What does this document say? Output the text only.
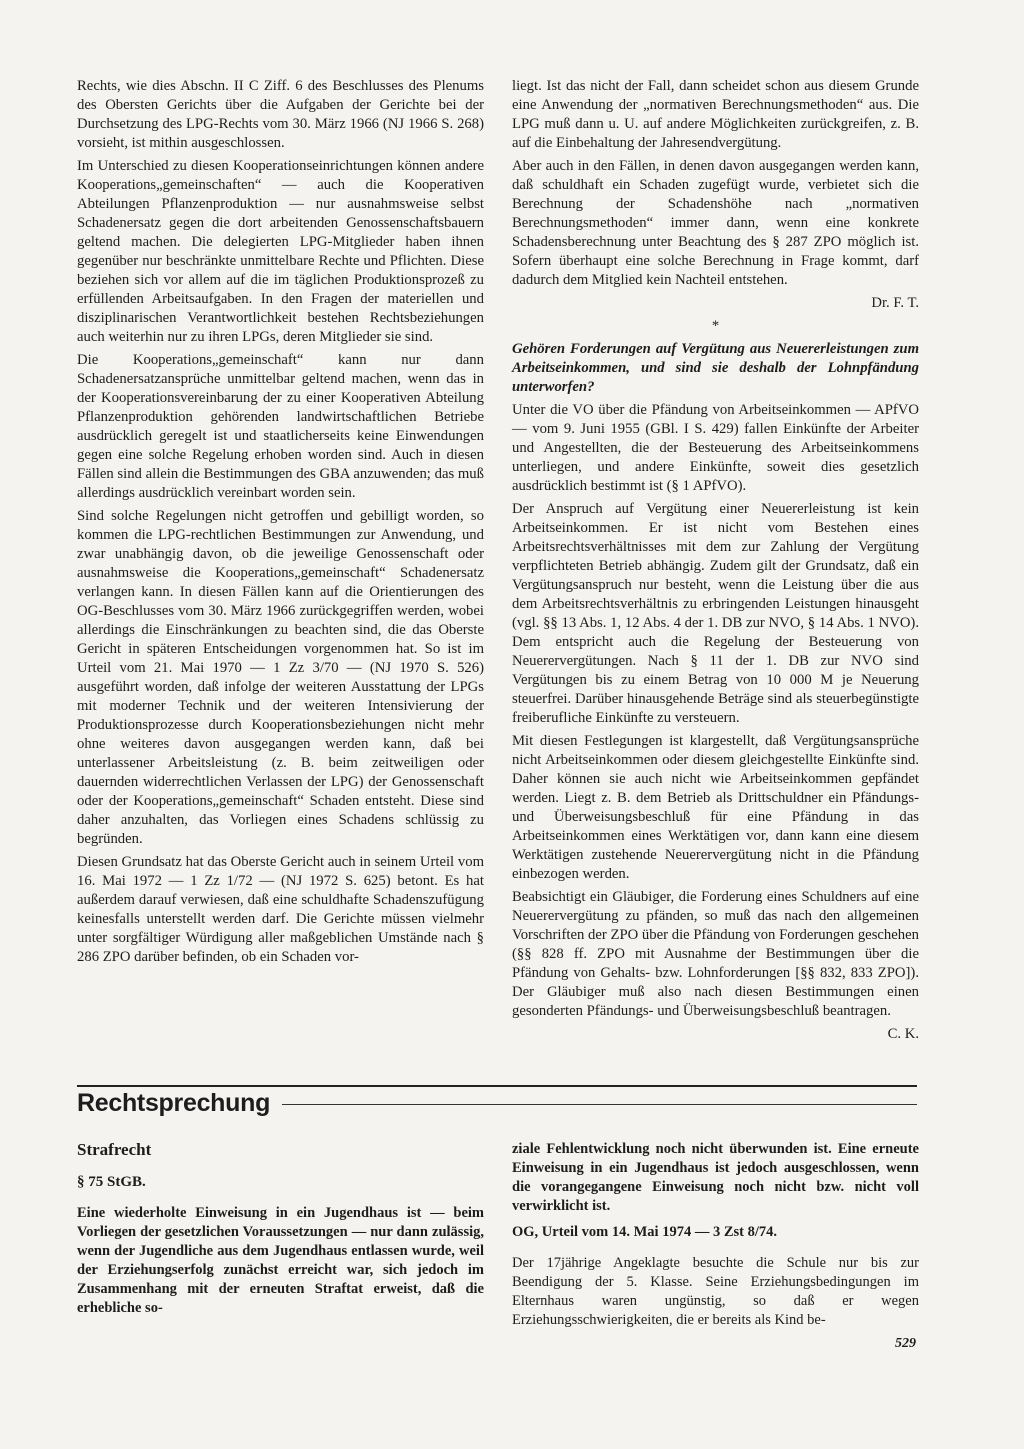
Rechts, wie dies Abschn. II C Ziff. 6 des Beschlusses des Plenums des Obersten Gerichts über die Aufgaben der Gerichte bei der Durchsetzung des LPG-Rechts vom 30. März 1966 (NJ 1966 S. 268) vorsieht, ist mithin ausgeschlossen.

Im Unterschied zu diesen Kooperationseinrichtungen können andere Kooperations„gemeinschaften“ — auch die Kooperativen Abteilungen Pflanzenproduktion — nur ausnahmsweise selbst Schadenersatz gegen die dort arbeitenden Genossenschaftsbauern geltend machen. Die delegierten LPG-Mitglieder haben ihnen gegenüber nur beschränkte unmittelbare Rechte und Pflichten. Diese beziehen sich vor allem auf die im täglichen Produktionsprozeß zu erfüllenden Arbeitsaufgaben. In den Fragen der materiellen und disziplinarischen Verantwortlichkeit bestehen Rechtsbeziehungen auch weiterhin nur zu ihren LPGs, deren Mitglieder sie sind.

Die Kooperations„gemeinschaft“ kann nur dann Schadenersatzansprüche unmittelbar geltend machen, wenn das in der Kooperationsvereinbarung der zu einer Kooperativen Abteilung Pflanzenproduktion gehörenden landwirtschaftlichen Betriebe ausdrücklich geregelt ist und staatlicherseits keine Einwendungen gegen eine solche Regelung erhoben worden sind. Auch in diesen Fällen sind allein die Bestimmungen des GBA anzuwenden; das muß allerdings ausdrücklich vereinbart worden sein.

Sind solche Regelungen nicht getroffen und gebilligt worden, so kommen die LPG-rechtlichen Bestimmungen zur Anwendung, und zwar unabhängig davon, ob die jeweilige Genossenschaft oder ausnahmsweise die Kooperations„gemeinschaft“ Schadenersatz verlangen kann. In diesen Fällen kann auf die Orientierungen des OG-Beschlusses vom 30. März 1966 zurückgegriffen werden, wobei allerdings die Einschränkungen zu beachten sind, die das Oberste Gericht in späteren Entscheidungen vorgenommen hat. So ist im Urteil vom 21. Mai 1970 — 1 Zz 3/70 — (NJ 1970 S. 526) ausgeführt worden, daß infolge der weiteren Ausstattung der LPGs mit moderner Technik und der weiteren Intensivierung der Produktionsprozesse durch Kooperationsbeziehungen nicht mehr ohne weiteres davon ausgegangen werden kann, daß bei unterlassener Arbeitsleistung (z. B. beim zeitweiligen oder dauernden widerrechtlichen Verlassen der LPG) der Genossenschaft oder der Kooperations„gemeinschaft“ Schaden entsteht. Diese sind daher anzuhalten, das Vorliegen eines Schadens schlüssig zu begründen.

Diesen Grundsatz hat das Oberste Gericht auch in seinem Urteil vom 16. Mai 1972 — 1 Zz 1/72 — (NJ 1972 S. 625) betont. Es hat außerdem darauf verwiesen, daß eine schuldhafte Schadenszufügung keinesfalls unterstellt werden darf. Die Gerichte müssen vielmehr unter sorgfältiger Würdigung aller maßgeblichen Umstände nach § 286 ZPO darüber befinden, ob ein Schaden vor-

liegt. Ist das nicht der Fall, dann scheidet schon aus diesem Grunde eine Anwendung der „normativen Berechnungsmethoden“ aus. Die LPG muß dann u. U. auf andere Möglichkeiten zurückgreifen, z. B. auf die Einbehaltung der Jahresendvergütung.

Aber auch in den Fällen, in denen davon ausgegangen werden kann, daß schuldhaft ein Schaden zugefügt wurde, verbietet sich die Berechnung der Schadenshöhe nach „normativen Berechnungsmethoden“ immer dann, wenn eine konkrete Schadensberechnung unter Beachtung des § 287 ZPO möglich ist. Sofern überhaupt eine solche Berechnung in Frage kommt, darf dadurch dem Mitglied kein Nachteil entstehen.

Dr. F. T.

*

Gehören Forderungen auf Vergütung aus Neuererleistungen zum Arbeitseinkommen, und sind sie deshalb der Lohnpfändung unterworfen?

Unter die VO über die Pfändung von Arbeitseinkommen — APfVO — vom 9. Juni 1955 (GBl. I S. 429) fallen Einkünfte der Arbeiter und Angestellten, die der Besteuerung des Arbeitseinkommens unterliegen, und andere Einkünfte, soweit dies gesetzlich ausdrücklich bestimmt ist (§ 1 APfVO).

Der Anspruch auf Vergütung einer Neuererleistung ist kein Arbeitseinkommen. Er ist nicht vom Bestehen eines Arbeitsrechtsverhältnisses mit dem zur Zahlung der Vergütung verpflichteten Betrieb abhängig. Zudem gilt der Grundsatz, daß ein Vergütungsanspruch nur besteht, wenn die Leistung über die aus dem Arbeitsrechtsverhältnis zu erbringenden Leistungen hinausgeht (vgl. §§ 13 Abs. 1, 12 Abs. 4 der 1. DB zur NVO, § 14 Abs. 1 NVO). Dem entspricht auch die Regelung der Besteuerung von Neuerervergütungen. Nach § 11 der 1. DB zur NVO sind Vergütungen bis zu einem Betrag von 10 000 M je Neuerung steuerfrei. Darüber hinausgehende Beträge sind als steuerbegünstigte freiberufliche Einkünfte zu versteuern.

Mit diesen Festlegungen ist klargestellt, daß Vergütungsansprüche nicht Arbeitseinkommen oder diesem gleichgestellte Einkünfte sind. Daher können sie auch nicht wie Arbeitseinkommen gepfändet werden. Liegt z. B. dem Betrieb als Drittschuldner ein Pfändungs- und Überweisungsbeschluß für eine Pfändung in das Arbeitseinkommen eines Werktätigen vor, dann kann eine diesem Werktätigen zustehende Neuerervergütung nicht in die Pfändung einbezogen werden.

Beabsichtigt ein Gläubiger, die Forderung eines Schuldners auf eine Neuerervergütung zu pfänden, so muß das nach den allgemeinen Vorschriften der ZPO über die Pfändung von Forderungen geschehen (§§ 828 ff. ZPO mit Ausnahme der Bestimmungen über die Pfändung von Gehalts- bzw. Lohnforderungen [§§ 832, 833 ZPO]). Der Gläubiger muß also nach diesen Bestimmungen einen gesonderten Pfändungs- und Überweisungsbeschluß beantragen.

C. K.

Rechtsprechung

Strafrecht

§ 75 StGB.

Eine wiederholte Einweisung in ein Jugendhaus ist — beim Vorliegen der gesetzlichen Voraussetzungen — nur dann zulässig, wenn der Jugendliche aus dem Jugendhaus entlassen wurde, weil der Erziehungserfolg zunächst erreicht war, sich jedoch im Zusammenhang mit der erneuten Straftat erweist, daß die erhebliche so-

ziale Fehlentwicklung noch nicht überwunden ist. Eine erneute Einweisung in ein Jugendhaus ist jedoch ausgeschlossen, wenn die vorangegangene Einweisung noch nicht bzw. nicht voll verwirklicht ist.

OG, Urteil vom 14. Mai 1974 — 3 Zst 8/74.

Der 17jährige Angeklagte besuchte die Schule nur bis zur Beendigung der 5. Klasse. Seine Erziehungsbedingungen im Elternhaus waren ungünstig, so daß er wegen Erziehungsschwierigkeiten, die er bereits als Kind be-

529
